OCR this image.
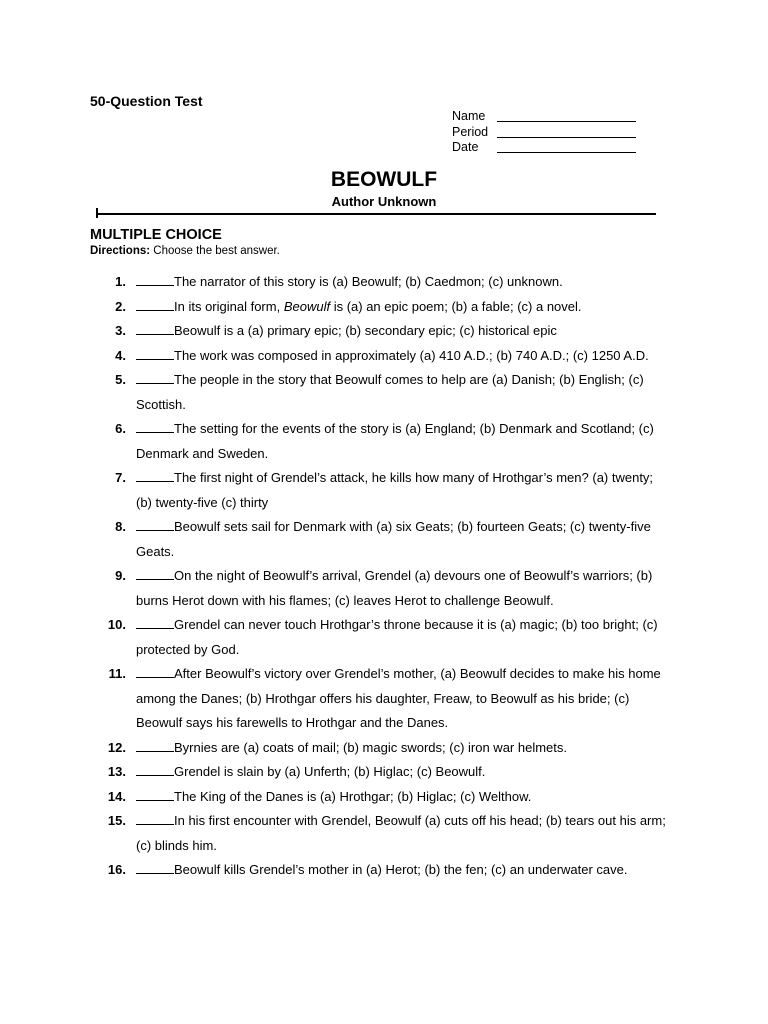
50-Question Test
Name
Period
Date
BEOWULF
Author Unknown
MULTIPLE CHOICE
Directions: Choose the best answer.
1.	The narrator of this story is (a) Beowulf; (b) Caedmon; (c) unknown.
2.	In its original form, Beowulf is (a) an epic poem; (b) a fable; (c) a novel.
3.	Beowulf is a (a) primary epic; (b) secondary epic; (c) historical epic
4.	The work was composed in approximately (a) 410 A.D.; (b) 740 A.D.; (c) 1250 A.D.
5.	The people in the story that Beowulf comes to help are (a) Danish; (b) English; (c) Scottish.
6.	The setting for the events of the story is (a) England; (b) Denmark and Scotland; (c) Denmark and Sweden.
7.	The first night of Grendel’s attack, he kills how many of Hrothgar’s men? (a) twenty; (b) twenty-five (c) thirty
8.	Beowulf sets sail for Denmark with (a) six Geats; (b) fourteen Geats; (c) twenty-five Geats.
9.	On the night of Beowulf’s arrival, Grendel (a) devours one of Beowulf’s warriors; (b) burns Herot down with his flames; (c) leaves Herot to challenge Beowulf.
10.	Grendel can never touch Hrothgar’s throne because it is (a) magic; (b) too bright; (c) protected by God.
11.	After Beowulf’s victory over Grendel’s mother, (a) Beowulf decides to make his home among the Danes; (b) Hrothgar offers his daughter, Freaw, to Beowulf as his bride; (c) Beowulf says his farewells to Hrothgar and the Danes.
12.	Byrnies are (a) coats of mail; (b) magic swords; (c) iron war helmets.
13.	Grendel is slain by (a) Unferth; (b) Higlac; (c) Beowulf.
14.	The King of the Danes is (a) Hrothgar; (b) Higlac; (c) Welthow.
15.	In his first encounter with Grendel, Beowulf (a) cuts off his head; (b) tears out his arm; (c) blinds him.
16.	Beowulf kills Grendel’s mother in (a) Herot; (b) the fen; (c) an underwater cave.
